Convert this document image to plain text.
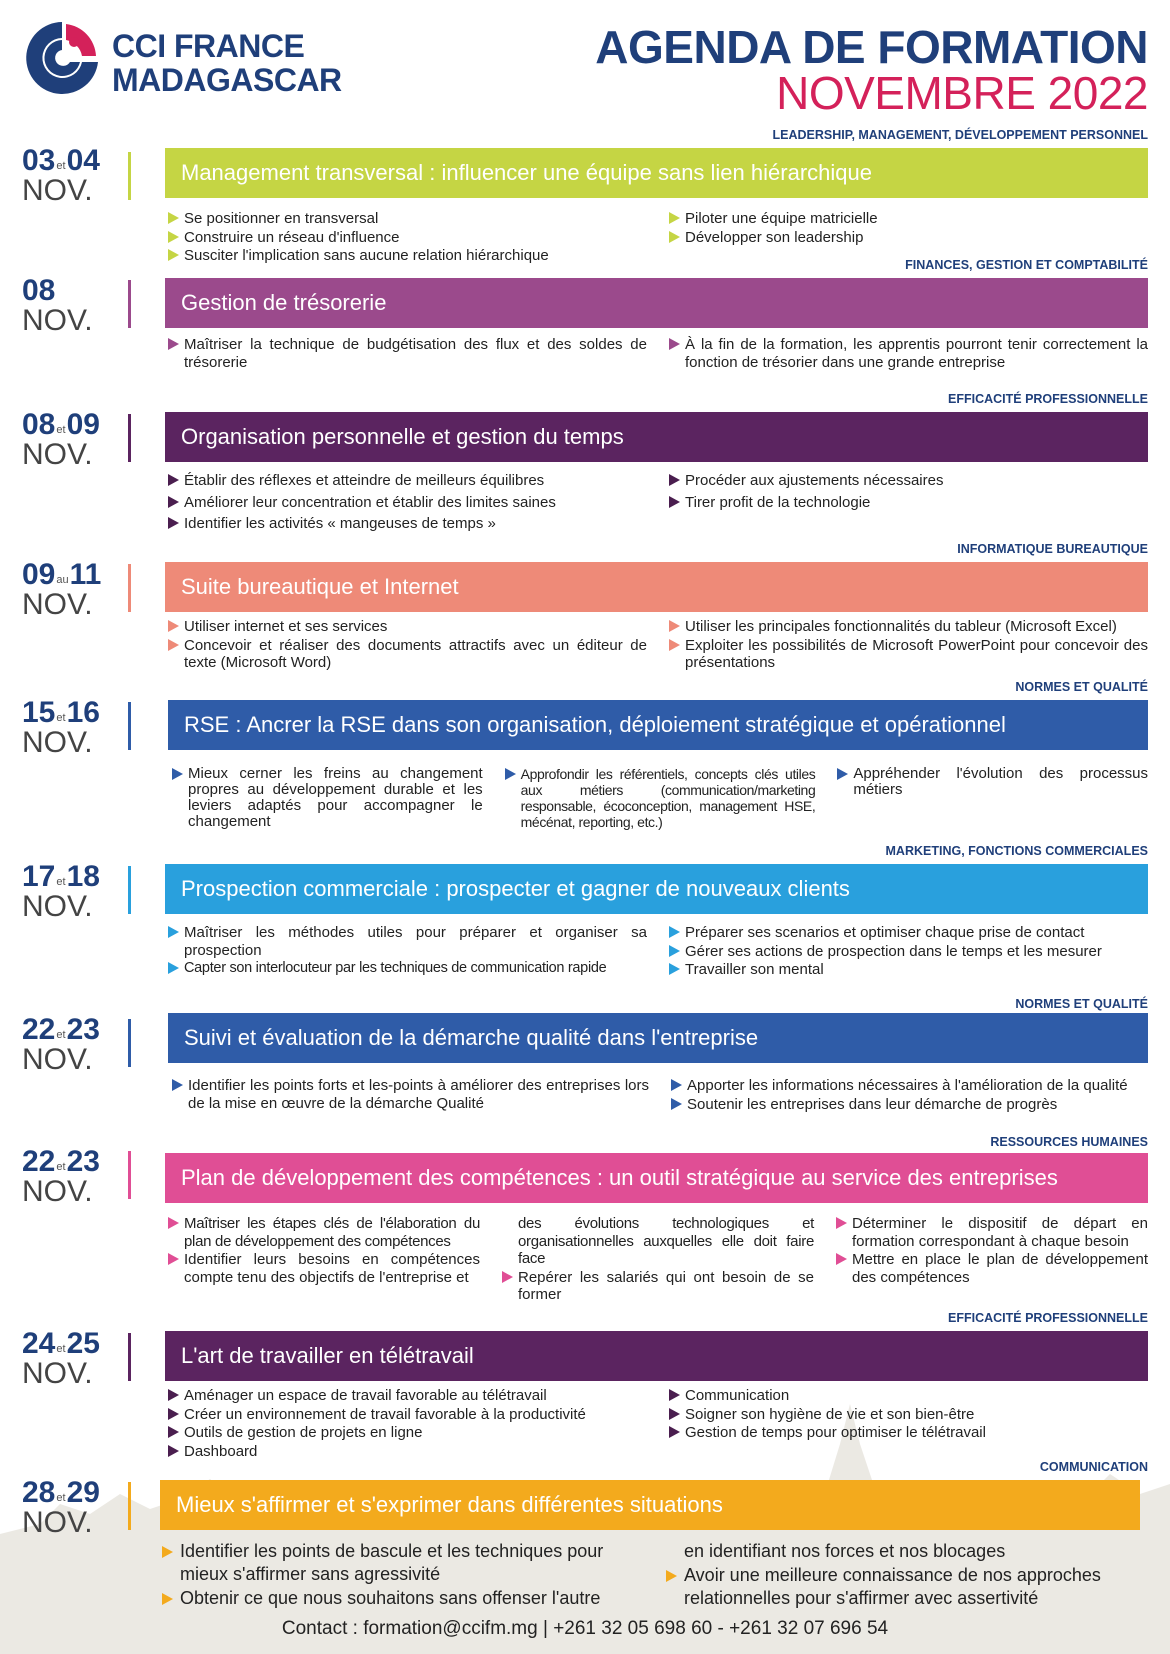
CCI FRANCE
MADAGASCAR
AGENDA DE FORMATION
NOVEMBRE 2022
LEADERSHIP, MANAGEMENT, DÉVELOPPEMENT PERSONNEL
03et04
NOV.
Management transversal : influencer une équipe sans lien hiérarchique
Se positionner en transversal
Construire un réseau d'influence
Susciter l'implication sans aucune relation hiérarchique
Piloter une équipe matricielle
Développer son leadership
FINANCES, GESTION ET COMPTABILITÉ
08
NOV.
Gestion de trésorerie
Maîtriser la technique de budgétisation des flux et des soldes de trésorerie
À la fin de la formation, les apprentis pourront tenir correctement la fonction de trésorier dans une grande entreprise
EFFICACITÉ PROFESSIONNELLE
08et09
NOV.
Organisation personnelle et gestion du temps
Établir des réflexes et atteindre de meilleurs équilibres
Améliorer leur concentration et établir des limites saines
Identifier les activités « mangeuses de temps »
Procéder aux ajustements nécessaires
Tirer profit de la technologie
INFORMATIQUE BUREAUTIQUE
09au11
NOV.
Suite bureautique et Internet
Utiliser internet et ses services
Concevoir et réaliser des documents attractifs avec un éditeur de texte (Microsoft Word)
Utiliser les principales fonctionnalités du tableur (Microsoft Excel)
Exploiter les possibilités de Microsoft PowerPoint pour concevoir des présentations
NORMES ET QUALITÉ
15et16
NOV.
RSE : Ancrer la RSE dans son organisation, déploiement stratégique et opérationnel
Mieux cerner les freins au changement propres au développement durable et les leviers adaptés pour accompagner le changement
Approfondir les référentiels, concepts clés utiles aux métiers (communication/marketing responsable, écoconception, management HSE, mécénat, reporting, etc.)
Appréhender l'évolution des processus métiers
MARKETING, FONCTIONS COMMERCIALES
17et18
NOV.
Prospection commerciale : prospecter et gagner de nouveaux clients
Maîtriser les méthodes utiles pour préparer et organiser sa prospection
Capter son interlocuteur par les techniques de communication rapide
Préparer ses scenarios et optimiser chaque prise de contact
Gérer ses actions de prospection dans le temps et les mesurer
Travailler son mental
NORMES ET QUALITÉ
22et23
NOV.
Suivi et évaluation de la démarche qualité dans l'entreprise
Identifier les points forts et les-points à améliorer des entreprises lors de la mise en œuvre de la démarche Qualité
Apporter les informations nécessaires à l'amélioration de la qualité
Soutenir les entreprises dans leur démarche de progrès
RESSOURCES HUMAINES
22et23
NOV.	Plan de développement des compétences : un outil stratégique au service des entreprises
Maîtriser les étapes clés de l'élaboration du plan de développement des compétences
Identifier leurs besoins en compétences compte tenu des objectifs de l'entreprise et
des évolutions technologiques et organisationnelles auxquelles elle doit faire face
Repérer les salariés qui ont besoin de se former
Déterminer le dispositif de départ en formation correspondant à chaque besoin
Mettre en place le plan de développement des compétences
EFFICACITÉ PROFESSIONNELLE
24et25
NOV.
L'art de travailler en télétravail
Aménager un espace de travail favorable au télétravail
Créer un environnement de travail favorable à la productivité
Outils de gestion de projets en ligne
Dashboard
Communication
Soigner son hygiène de vie et son bien-être
Gestion de temps pour optimiser le télétravail
COMMUNICATION
28et29
NOV.
Mieux s'affirmer et s'exprimer dans différentes situations
Identifier les points de bascule et les techniques pour mieux s'affirmer sans agressivité
Obtenir ce que nous souhaitons sans offenser l'autre
en identifiant nos forces et nos blocages
Avoir une meilleure connaissance de nos approches relationnelles pour s'affirmer avec assertivité
Contact : formation@ccifm.mg | +261 32 05 698 60 - +261 32 07 696 54
